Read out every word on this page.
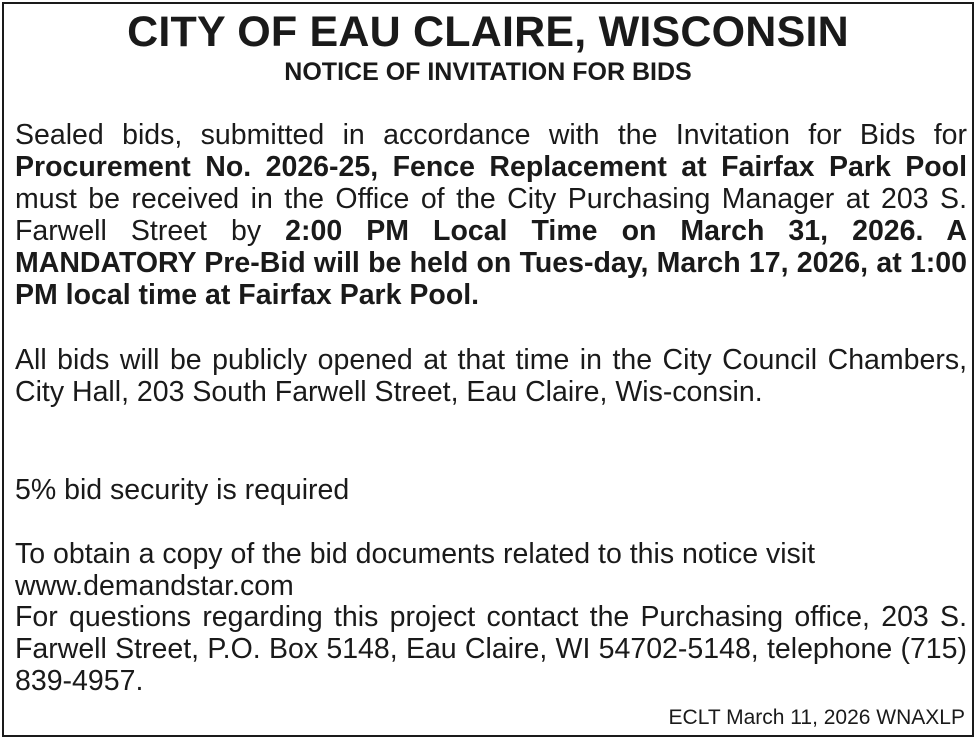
CITY OF EAU CLAIRE, WISCONSIN
NOTICE OF INVITATION FOR BIDS
Sealed bids, submitted in accordance with the Invitation for Bids for Procurement No. 2026-25, Fence Replacement at Fairfax Park Pool must be received in the Office of the City Purchasing Manager at 203 S. Farwell Street by 2:00 PM Local Time on March 31, 2026. A MANDATORY Pre-Bid will be held on Tues-day, March 17, 2026, at 1:00 PM local time at Fairfax Park Pool.
All bids will be publicly opened at that time in the City Council Chambers, City Hall, 203 South Farwell Street, Eau Claire, Wis-consin.
5% bid security is required
To obtain a copy of the bid documents related to this notice visit
www.demandstar.com
For questions regarding this project contact the Purchasing office, 203 S. Farwell Street, P.O. Box 5148, Eau Claire, WI 54702-5148, telephone (715) 839-4957.
ECLT March 11, 2026 WNAXLP
